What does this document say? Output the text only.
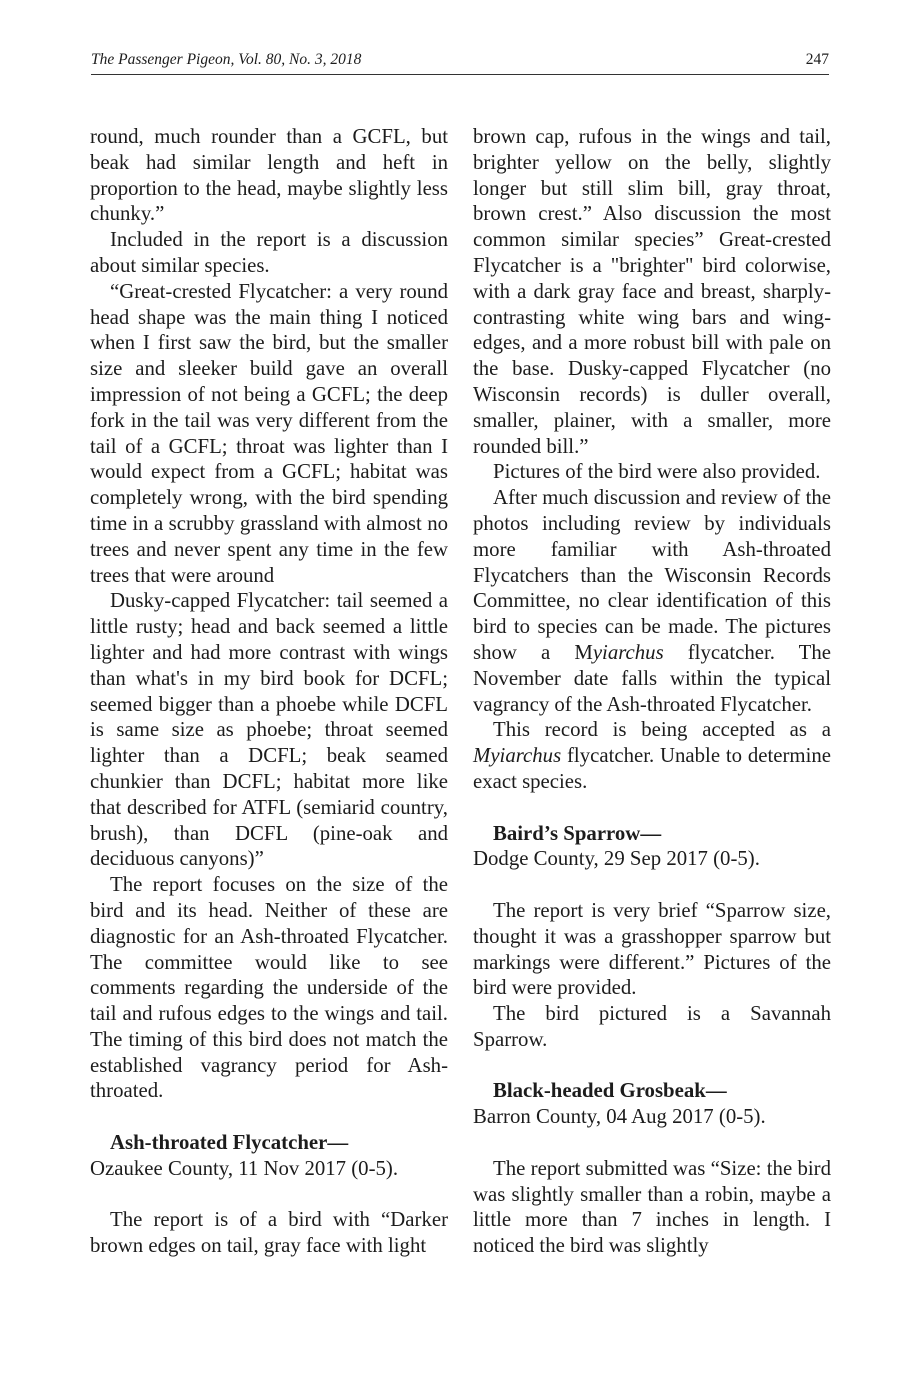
The Passenger Pigeon, Vol. 80, No. 3, 2018	247

round, much rounder than a GCFL, but beak had similar length and heft in proportion to the head, maybe slightly less chunky.”

Included in the report is a discussion about similar species.

“Great-crested Flycatcher: a very round head shape was the main thing I noticed when I first saw the bird, but the smaller size and sleeker build gave an overall impression of not being a GCFL; the deep fork in the tail was very different from the tail of a GCFL; throat was lighter than I would expect from a GCFL; habitat was completely wrong, with the bird spending time in a scrubby grassland with almost no trees and never spent any time in the few trees that were around

Dusky-capped Flycatcher: tail seemed a little rusty; head and back seemed a little lighter and had more contrast with wings than what's in my bird book for DCFL; seemed bigger than a phoebe while DCFL is same size as phoebe; throat seemed lighter than a DCFL; beak seamed chunkier than DCFL; habitat more like that described for ATFL (semiarid country, brush), than DCFL (pine-oak and deciduous canyons)”

The report focuses on the size of the bird and its head. Neither of these are diagnostic for an Ash-throated Flycatcher. The committee would like to see comments regarding the underside of the tail and rufous edges to the wings and tail. The timing of this bird does not match the established vagrancy period for Ash-throated.

Ash-throated Flycatcher—
Ozaukee County, 11 Nov 2017 (0-5).

The report is of a bird with “Darker brown edges on tail, gray face with light

brown cap, rufous in the wings and tail, brighter yellow on the belly, slightly longer but still slim bill, gray throat, brown crest.” Also discussion the most common similar species” Great-crested Flycatcher is a "brighter" bird colorwise, with a dark gray face and breast, sharply-contrasting white wing bars and wing-edges, and a more robust bill with pale on the base. Dusky-capped Flycatcher (no Wisconsin records) is duller overall, smaller, plainer, with a smaller, more rounded bill.”

Pictures of the bird were also provided.

After much discussion and review of the photos including review by individuals more familiar with Ash-throated Flycatchers than the Wisconsin Records Committee, no clear identification of this bird to species can be made. The pictures show a Myiarchus flycatcher. The November date falls within the typical vagrancy of the Ash-throated Flycatcher.

This record is being accepted as a Myiarchus flycatcher. Unable to determine exact species.

Baird’s Sparrow—
Dodge County, 29 Sep 2017 (0-5).

The report is very brief “Sparrow size, thought it was a grasshopper sparrow but markings were different.” Pictures of the bird were provided.

The bird pictured is a Savannah Sparrow.

Black-headed Grosbeak—
Barron County, 04 Aug 2017 (0-5).

The report submitted was “Size: the bird was slightly smaller than a robin, maybe a little more than 7 inches in length. I noticed the bird was slightly
